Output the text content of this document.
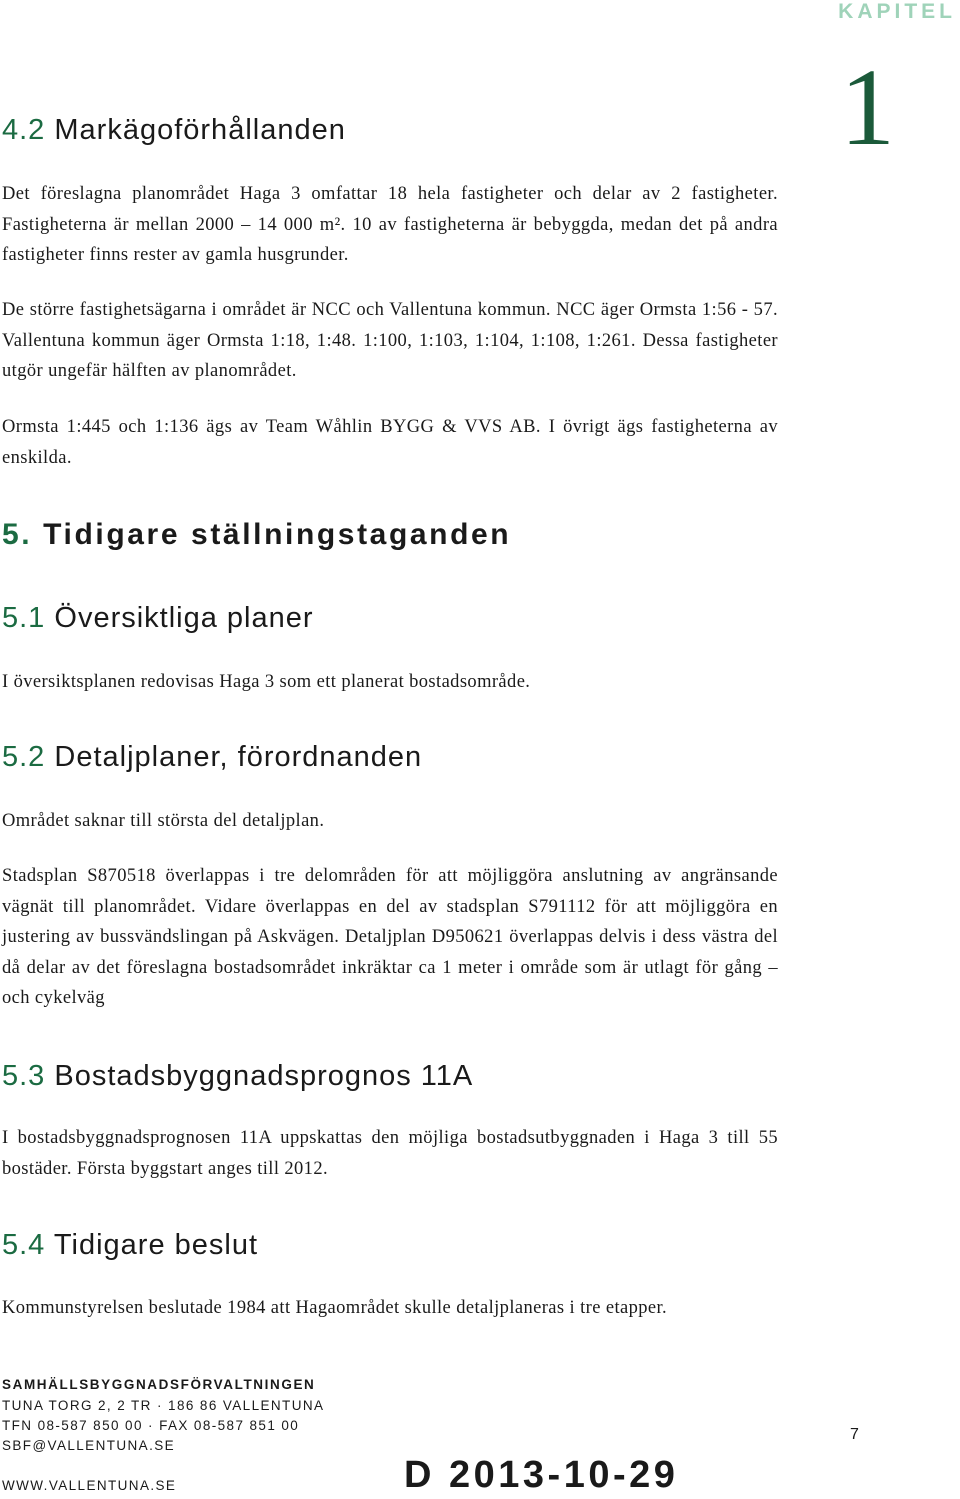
KAPITEL
1
4.2 Markägoförhållanden
Det föreslagna planområdet Haga 3 omfattar 18 hela fastigheter och delar av 2 fastigheter. Fastigheterna är mellan 2000 – 14 000 m². 10 av fastigheterna är bebyggda, medan det på andra fastigheter finns rester av gamla husgrunder.
De större fastighetsägarna i området är NCC och Vallentuna kommun. NCC äger Ormsta 1:56 - 57. Vallentuna kommun äger Ormsta 1:18, 1:48. 1:100, 1:103, 1:104, 1:108, 1:261. Dessa fastigheter utgör ungefär hälften av planområdet.
Ormsta 1:445 och 1:136 ägs av Team Wåhlin BYGG & VVS AB. I övrigt ägs fastigheterna av enskilda.
5. Tidigare ställningstaganden
5.1 Översiktliga planer
I översiktsplanen redovisas Haga 3 som ett planerat bostadsområde.
5.2 Detaljplaner, förordnanden
Området saknar till största del detaljplan.
Stadsplan S870518 överlappas i tre delområden för att möjliggöra anslutning av angränsande vägnät till planområdet. Vidare överlappas en del av stadsplan S791112 för att möjliggöra en justering av bussvändslingan på Askvägen. Detaljplan D950621 överlappas delvis i dess västra del då delar av det föreslagna bostadsområdet inkräktar ca 1 meter i område som är utlagt för gång – och cykelväg
5.3 Bostadsbyggnadsprognos 11A
I bostadsbyggnadsprognosen 11A uppskattas den möjliga bostadsutbyggnaden i Haga 3 till 55 bostäder. Första byggstart anges till 2012.
5.4 Tidigare beslut
Kommunstyrelsen beslutade 1984 att Hagaområdet skulle detaljplaneras i tre etapper.
SAMHÄLLSBYGGNADSFÖRVALTNINGEN
TUNA TORG 2, 2 TR · 186 86 VALLENTUNA
TFN 08-587 850 00 · FAX 08-587 851 00
SBF@VALLENTUNA.SE
WWW.VALLENTUNA.SE
7
D 2013-10-29
